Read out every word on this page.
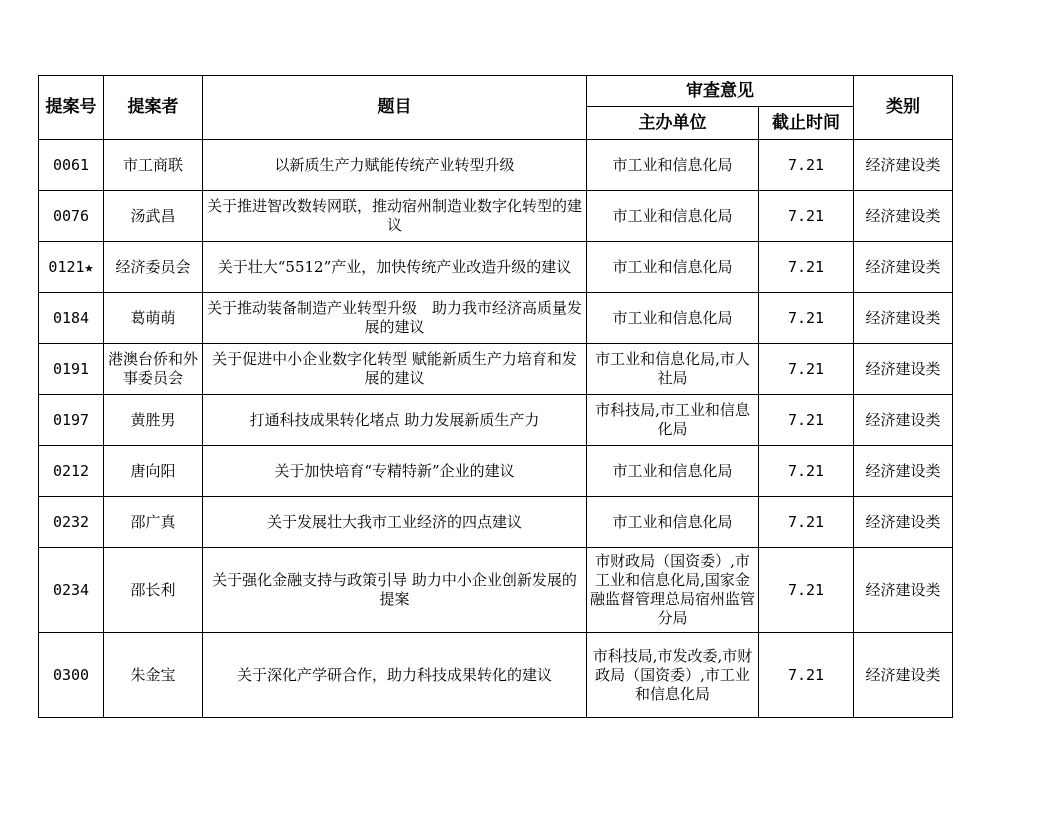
提案号	提案者	题目	审查意见		类别
			主办单位	截止时间	
0061	市工商联	以新质生产力赋能传统产业转型升级	市工业和信息化局	7.21	经济建设类
0076	汤武昌	关于推进智改数转网联，推动宿州制造业数字化转型的建议	市工业和信息化局	7.21	经济建设类
0121★	经济委员会	关于壮大“5512”产业，加快传统产业改造升级的建议	市工业和信息化局	7.21	经济建设类
0184	葛萌萌	关于推动装备制造产业转型升级　助力我市经济高质量发展的建议	市工业和信息化局	7.21	经济建设类
0191	港澳台侨和外事委员会	关于促进中小企业数字化转型 赋能新质生产力培育和发展的建议	市工业和信息化局,市人社局	7.21	经济建设类
0197	黄胜男	打通科技成果转化堵点 助力发展新质生产力	市科技局,市工业和信息化局	7.21	经济建设类
0212	唐向阳	关于加快培育“专精特新”企业的建议	市工业和信息化局	7.21	经济建设类
0232	邵广真	关于发展壮大我市工业经济的四点建议	市工业和信息化局	7.21	经济建设类
0234	邵长利	关于强化金融支持与政策引导 助力中小企业创新发展的提案	市财政局（国资委）,市工业和信息化局,国家金融监督管理总局宿州监管分局	7.21	经济建设类
0300	朱金宝	关于深化产学研合作，助力科技成果转化的建议	市科技局,市发改委,市财政局（国资委）,市工业和信息化局	7.21	经济建设类
